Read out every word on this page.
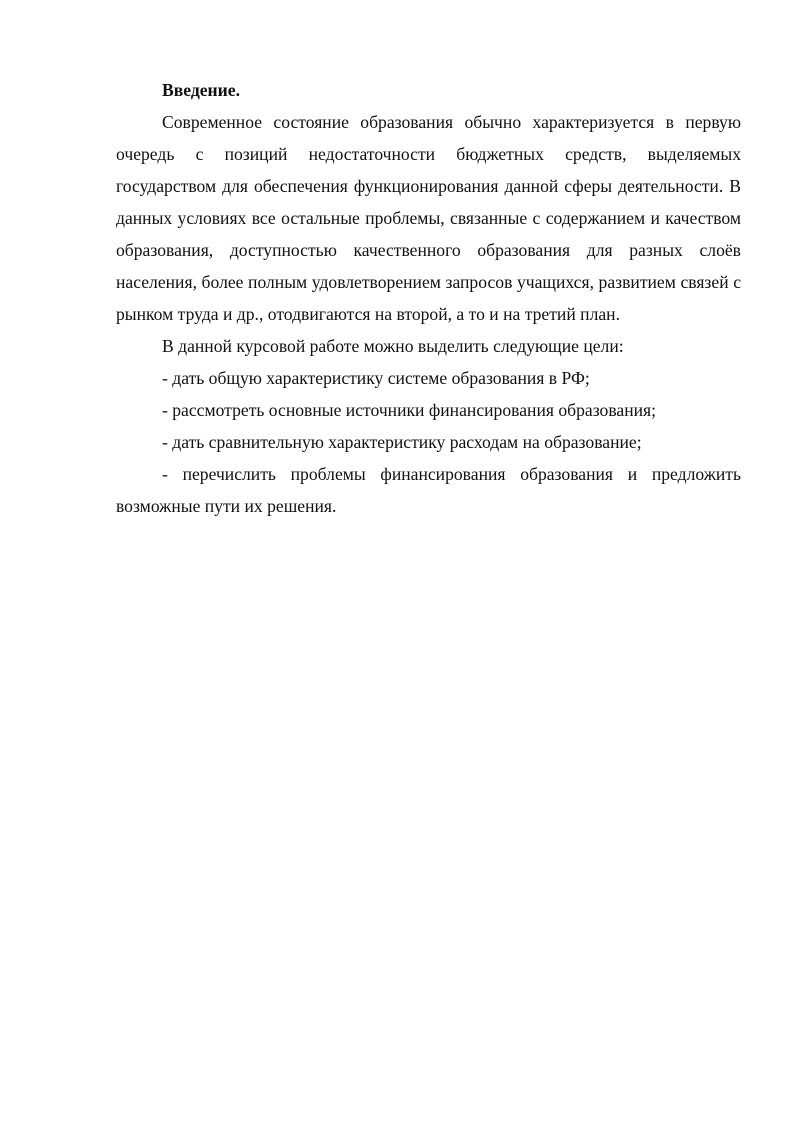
Введение.

Современное состояние образования обычно характеризуется в первую очередь с позиций недостаточности бюджетных средств, выделяемых государством для обеспечения функционирования данной сферы деятельности. В данных условиях все остальные проблемы, связанные с содержанием и качеством образования, доступностью качественного образования для разных слоёв населения, более полным удовлетворением запросов учащихся, развитием связей с рынком труда и др., отодвигаются на второй, а то и на третий план.

В данной курсовой работе можно выделить следующие цели:

- дать общую характеристику системе образования в РФ;

- рассмотреть основные источники финансирования образования;

- дать сравнительную характеристику расходам на образование;

- перечислить проблемы финансирования образования и предложить возможные пути их решения.
